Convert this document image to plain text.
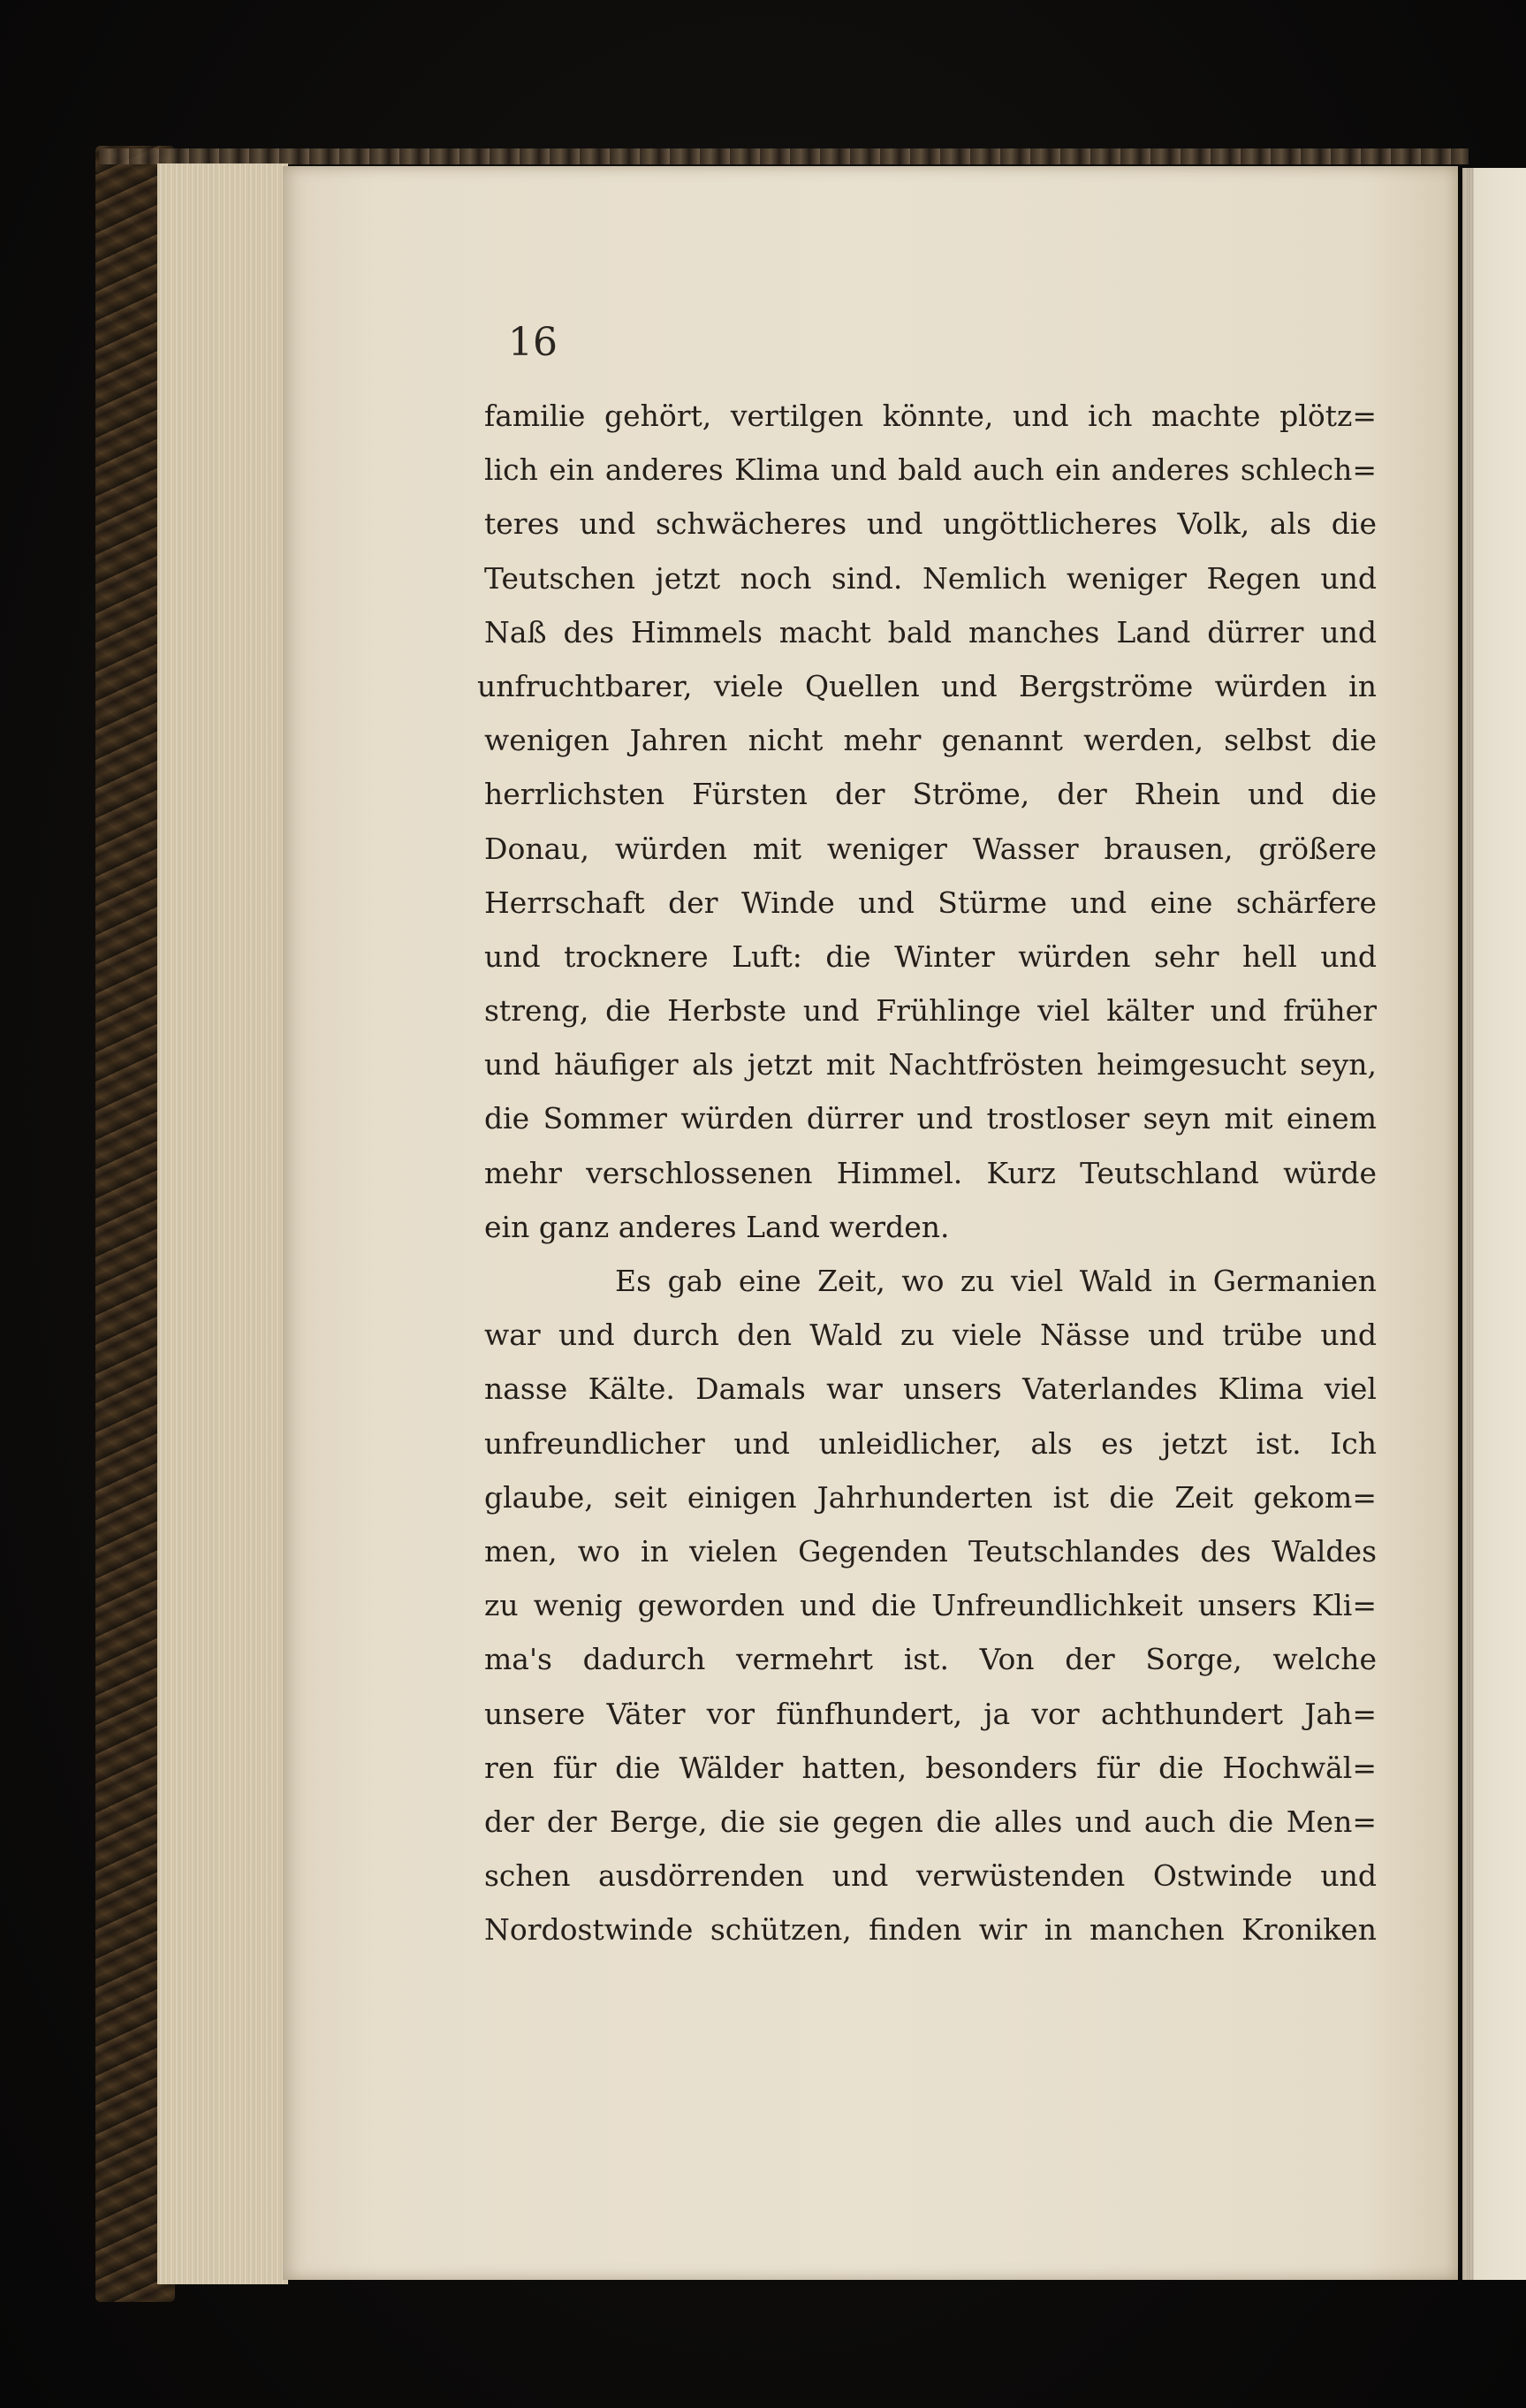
16
familie gehört, vertilgen könnte, und ich machte plötz=
lich ein anderes Klima und bald auch ein anderes schlech=
teres und schwächeres und ungöttlicheres Volk, als die
Teutschen jetzt noch sind. Nemlich weniger Regen und
Naß des Himmels macht bald manches Land dürrer und
unfruchtbarer, viele Quellen und Bergströme würden in
wenigen Jahren nicht mehr genannt werden, selbst die
herrlichsten Fürsten der Ströme, der Rhein und die
Donau, würden mit weniger Wasser brausen, größere
Herrschaft der Winde und Stürme und eine schärfere
und trocknere Luft: die Winter würden sehr hell und
streng, die Herbste und Frühlinge viel kälter und früher
und häufiger als jetzt mit Nachtfrösten heimgesucht seyn,
die Sommer würden dürrer und trostloser seyn mit einem
mehr verschlossenen Himmel. Kurz Teutschland würde
ein ganz anderes Land werden.
Es gab eine Zeit, wo zu viel Wald in Germanien
war und durch den Wald zu viele Nässe und trübe und
nasse Kälte. Damals war unsers Vaterlandes Klima viel
unfreundlicher und unleidlicher, als es jetzt ist. Ich
glaube, seit einigen Jahrhunderten ist die Zeit gekom=
men, wo in vielen Gegenden Teutschlandes des Waldes
zu wenig geworden und die Unfreundlichkeit unsers Kli=
ma's dadurch vermehrt ist. Von der Sorge, welche
unsere Väter vor fünfhundert, ja vor achthundert Jah=
ren für die Wälder hatten, besonders für die Hochwäl=
der der Berge, die sie gegen die alles und auch die Men=
schen ausdörrenden und verwüstenden Ostwinde und
Nordostwinde schützen, finden wir in manchen Kroniken
